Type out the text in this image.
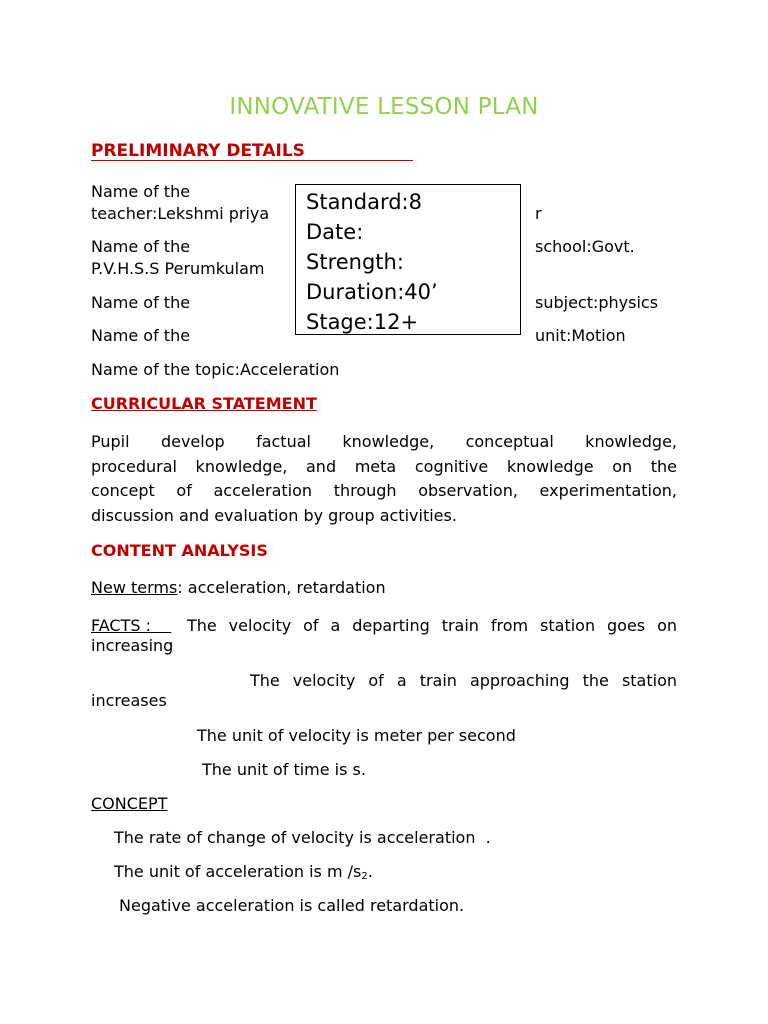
INNOVATIVE LESSON PLAN
PRELIMINARY DETAILS
Name of the
teacher:Lekshmi priya
Name of the
P.V.H.S.S Perumkulam
Name of the
Name of the
Name of the topic:Acceleration
r
school:Govt.
subject:physics
unit:Motion
Standard:8
Date:
Strength:
Duration:40’
Stage:12+
CURRICULAR STATEMENT
Pupil develop factual knowledge, conceptual knowledge,
procedural knowledge, and meta cognitive knowledge on the
concept of acceleration through observation, experimentation,
discussion and evaluation by group activities.
CONTENT ANALYSIS
New terms: acceleration, retardation
FACTS : The velocity of a departing train from station goes on
increasing
The velocity of a train approaching the station
increases
The unit of velocity is meter per second
The unit of time is s.
CONCEPT
The rate of change of velocity is acceleration  .
The unit of acceleration is m $/s_2$.
Negative acceleration is called retardation.
